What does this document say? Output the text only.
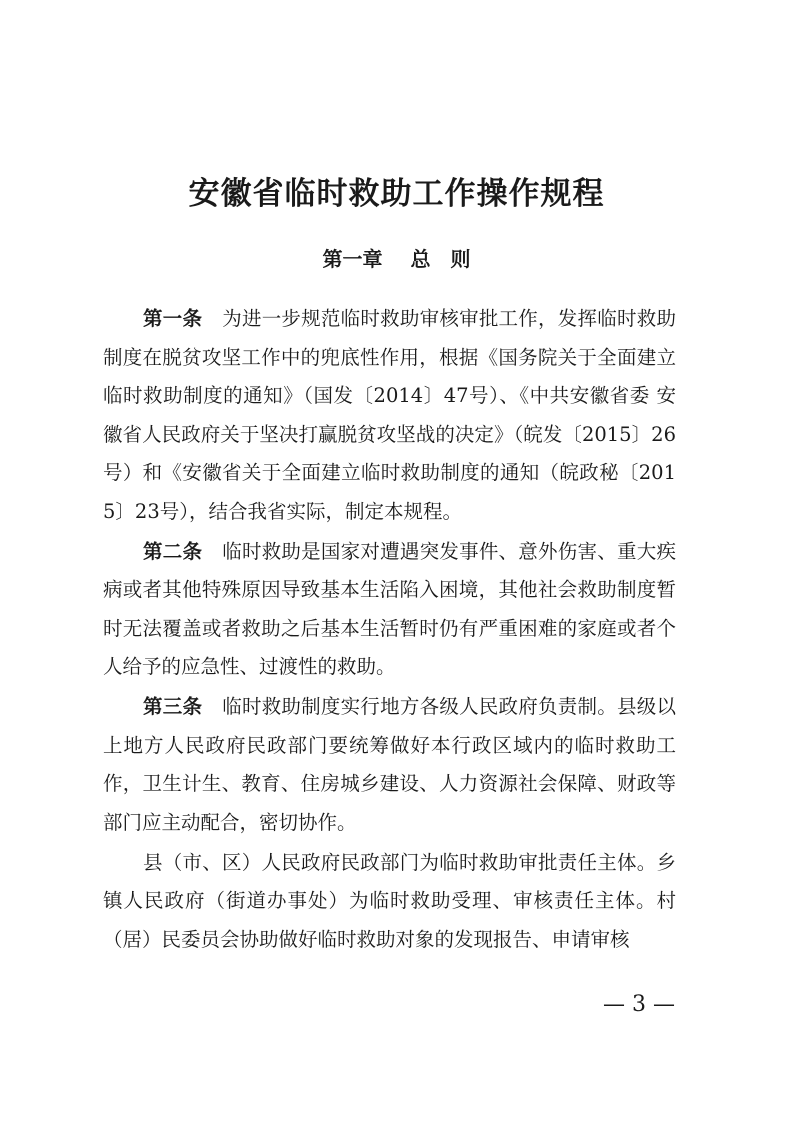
安徽省临时救助工作操作规程
第一章 总　则

第一条 为进一步规范临时救助审核审批工作，发挥临时救助制度在脱贫攻坚工作中的兜底性作用，根据《国务院关于全面建立临时救助制度的通知》（国发〔2014〕47号）、《中共安徽省委 安徽省人民政府关于坚决打赢脱贫攻坚战的决定》（皖发〔2015〕26号）和《安徽省关于全面建立临时救助制度的通知（皖政秘〔2015〕23号），结合我省实际，制定本规程。

第二条 临时救助是国家对遭遇突发事件、意外伤害、重大疾病或者其他特殊原因导致基本生活陷入困境，其他社会救助制度暂时无法覆盖或者救助之后基本生活暂时仍有严重困难的家庭或者个人给予的应急性、过渡性的救助。

第三条 临时救助制度实行地方各级人民政府负责制。县级以上地方人民政府民政部门要统筹做好本行政区域内的临时救助工作，卫生计生、教育、住房城乡建设、人力资源社会保障、财政等部门应主动配合，密切协作。

县（市、区）人民政府民政部门为临时救助审批责任主体。乡镇人民政府（街道办事处）为临时救助受理、审核责任主体。村（居）民委员会协助做好临时救助对象的发现报告、申请审核

— 3 —
